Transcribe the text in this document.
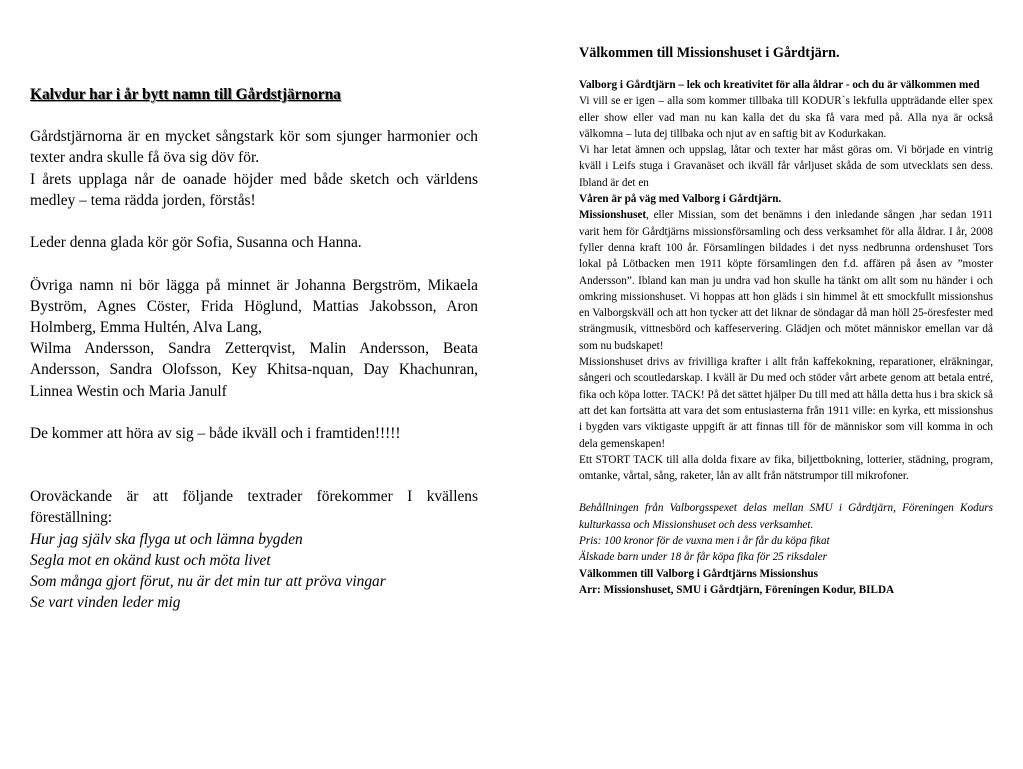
Kalvdur har i år bytt namn till Gårdstjärnorna

Gårdstjärnorna är en mycket sångstark kör som sjunger harmonier och texter andra skulle få öva sig döv för.

I årets upplaga når de oanade höjder med både sketch och världens medley – tema rädda jorden, förstås!

Leder denna glada kör gör Sofia, Susanna och Hanna.

Övriga namn ni bör lägga på minnet är Johanna Bergström, Mikaela Byström, Agnes Cöster, Frida Höglund, Mattias Jakobsson, Aron Holmberg, Emma Hultén, Alva Lang,

Wilma Andersson, Sandra Zetterqvist, Malin Andersson, Beata Andersson, Sandra Olofsson, Key Khitsa-nquan, Day Khachunran, Linnea Westin och Maria Janulf

De kommer att höra av sig – både ikväll och i framtiden!!!!!

Oroväckande är att följande textrader förekommer I kvällens föreställning:

Hur jag själv ska flyga ut och lämna bygden

Segla mot en okänd kust och möta livet

Som många gjort förut, nu är det min tur att pröva vingar

Se vart vinden leder mig

Välkommen till Missionshuset i Gårdtjärn.

Valborg i Gårdtjärn – lek och kreativitet för alla åldrar - och du är välkommen med

Vi vill se er igen – alla som kommer tillbaka till KODUR`s lekfulla uppträdande eller spex eller show eller vad man nu kan kalla det du ska få vara med på. Alla nya är också välkomna – luta dej tillbaka och njut av en saftig bit av Kodurkakan.

Vi har letat ämnen och uppslag, låtar och texter har måst göras om. Vi började en vintrig kväll i Leifs stuga i Gravanäset och ikväll får vårljuset skåda de som utvecklats sen dess. Ibland är det en

Våren är på väg med Valborg i Gårdtjärn.

Missionshuset, eller Missian, som det benämns i den inledande sången ,har sedan 1911 varit hem för Gårdtjärns missionsförsamling och dess verksamhet för alla åldrar. I år, 2008 fyller denna kraft 100 år. Församlingen bildades i det nyss nedbrunna ordenshuset Tors lokal på Lötbacken men 1911 köpte församlingen den f.d. affären på åsen av ”moster Andersson”. Ibland kan man ju undra vad hon skulle ha tänkt om allt som nu händer i och omkring missionshuset. Vi hoppas att hon gläds i sin himmel åt ett smockfullt missionshus en Valborgskväll och att hon tycker att det liknar de söndagar då man höll 25-öresfester med strängmusik, vittnesbörd och kaffeservering. Glädjen och mötet människor emellan var då som nu budskapet!

Missionshuset drivs av frivilliga krafter i allt från kaffekokning, reparationer, elräkningar, sångeri och scoutledarskap. I kväll är Du med och stöder vårt arbete genom att betala entré, fika och köpa lotter. TACK! På det sättet hjälper Du till med att hålla detta hus i bra skick så att det kan fortsätta att vara det som entusiasterna från 1911 ville: en kyrka, ett missionshus i bygden vars viktigaste uppgift är att finnas till för de människor som vill komma in och dela gemenskapen!

Ett STORT TACK till alla dolda fixare av fika, biljettbokning, lotterier, städning, program, omtanke, vårtal, sång, raketer, lån av allt från nätstrumpor till mikrofoner.

Behållningen från Valborgsspexet delas mellan SMU i Gårdtjärn, Föreningen Kodurs kulturkassa och Missionshuset och dess verksamhet.

Pris: 100 kronor för de vuxna men i år får du köpa fikat

Älskade barn under 18 år får köpa fika för 25 riksdaler

Välkommen till Valborg i Gårdtjärns Missionshus

Arr: Missionshuset, SMU i Gårdtjärn, Föreningen Kodur, BILDA
